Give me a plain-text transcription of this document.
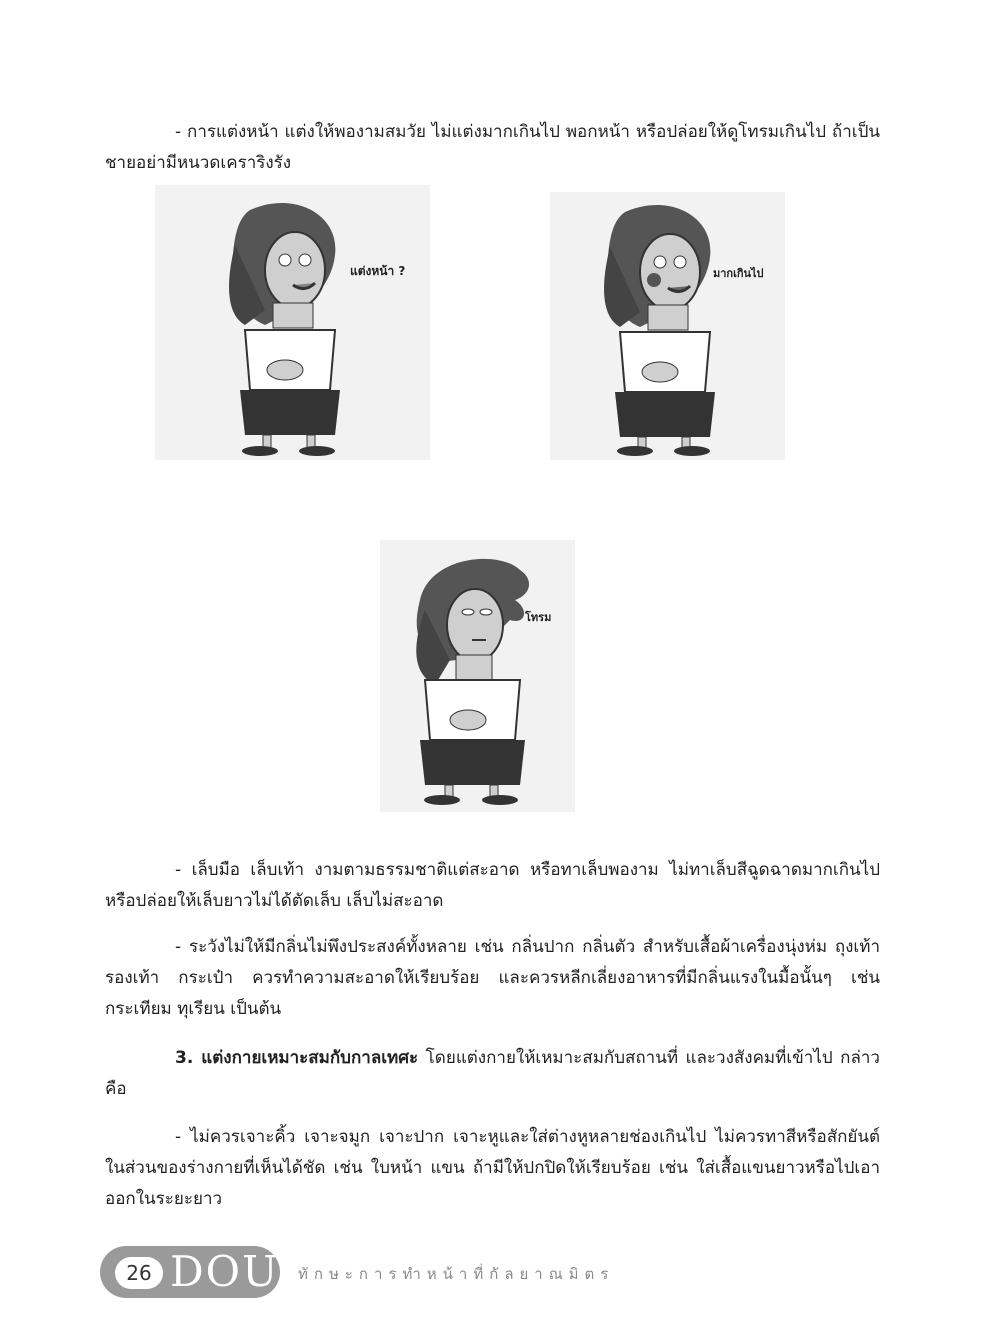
- การแต่งหน้า แต่งให้พองามสมวัย ไม่แต่งมากเกินไป พอกหน้า หรือปล่อยให้ดูโทรมเกินไป ถ้าเป็นชายอย่ามีหนวดเคราริงรัง

แต่งหน้า ?	มากเกินไป
โทรม

- เล็บมือ เล็บเท้า งามตามธรรมชาติแต่สะอาด หรือทาเล็บพองาม ไม่ทาเล็บสีฉูดฉาดมากเกินไป หรือปล่อยให้เล็บยาวไม่ได้ตัดเล็บ เล็บไม่สะอาด

- ระวังไม่ให้มีกลิ่นไม่พึงประสงค์ทั้งหลาย เช่น กลิ่นปาก กลิ่นตัว สำหรับเสื้อผ้าเครื่องนุ่งห่ม ถุงเท้า รองเท้า กระเป๋า ควรทำความสะอาดให้เรียบร้อย และควรหลีกเลี่ยงอาหารที่มีกลิ่นแรงในมื้อนั้นๆ เช่น กระเทียม ทุเรียน เป็นต้น

3. แต่งกายเหมาะสมกับกาลเทศะ โดยแต่งกายให้เหมาะสมกับสถานที่ และวงสังคมที่เข้าไป กล่าวคือ

- ไม่ควรเจาะคิ้ว เจาะจมูก เจาะปาก เจาะหูและใส่ต่างหูหลายช่องเกินไป ไม่ควรทาสีหรือสักยันต์ในส่วนของร่างกายที่เห็นได้ชัด เช่น ใบหน้า แขน ถ้ามีให้ปกปิดให้เรียบร้อย เช่น ใส่เสื้อแขนยาวหรือไปเอาออกในระยะยาว

26 DOU ทักษะการทำหน้าที่กัลยาณมิตร
